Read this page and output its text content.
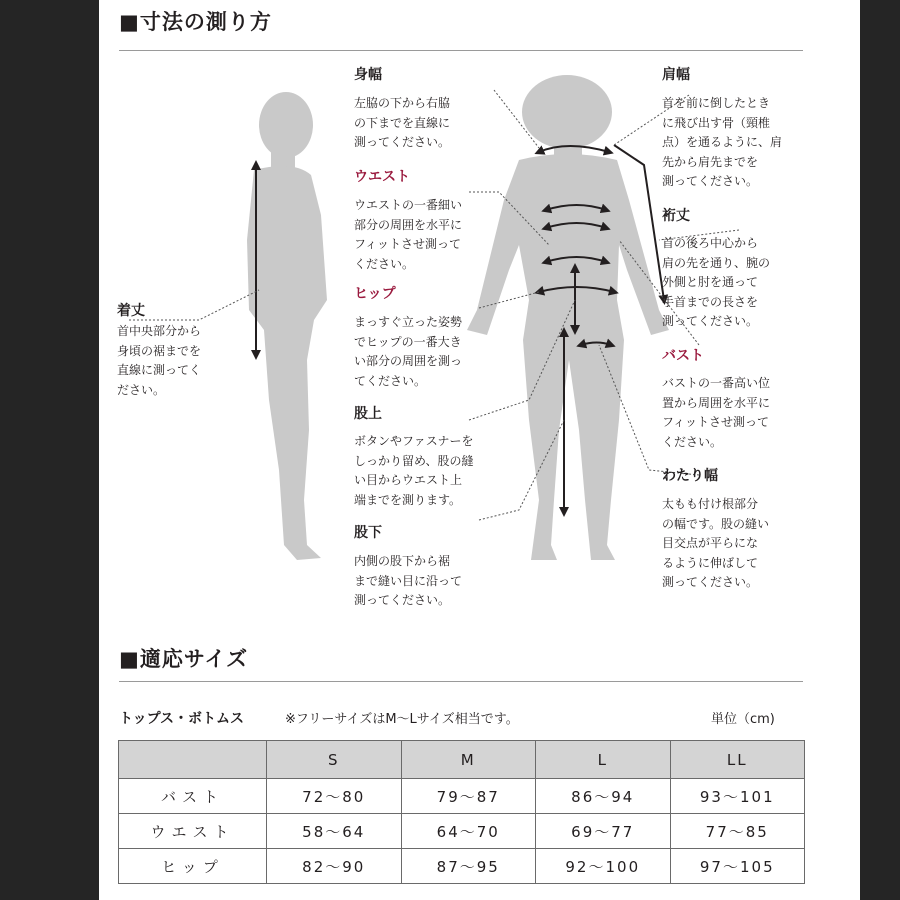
■寸法の測り方
着丈
首中央部分から
身頃の裾までを
直線に測ってく
ださい。
身幅
左脇の下から右脇
の下までを直線に
測ってください。
ウエスト
ウエストの一番細い
部分の周囲を水平に
フィットさせ測って
ください。
ヒップ
まっすぐ立った姿勢
でヒップの一番大き
い部分の周囲を測っ
てください。
股上
ボタンやファスナーを
しっかり留め、股の縫
い目からウエスト上
端までを測ります。
股下
内側の股下から裾
まで縫い目に沿って
測ってください。
肩幅
首を前に倒したとき
に飛び出す骨（頸椎
点）を通るように、肩
先から肩先までを
測ってください。
裄丈
首の後ろ中心から
肩の先を通り、腕の
外側と肘を通って
手首までの長さを
測ってください。
バスト
バストの一番高い位
置から周囲を水平に
フィットさせ測って
ください。
わたり幅
太もも付け根部分
の幅です。股の縫い
目交点が平らにな
るように伸ばして
測ってください。
■適応サイズ
トップス・ボトムス	※フリーサイズはM～Lサイズ相当です。	単位（cm)
	S	M	L	LL
バスト	72～80	79～87	86～94	93～101
ウエスト	58～64	64～70	69～77	77～85
ヒップ	82～90	87～95	92～100	97～105
